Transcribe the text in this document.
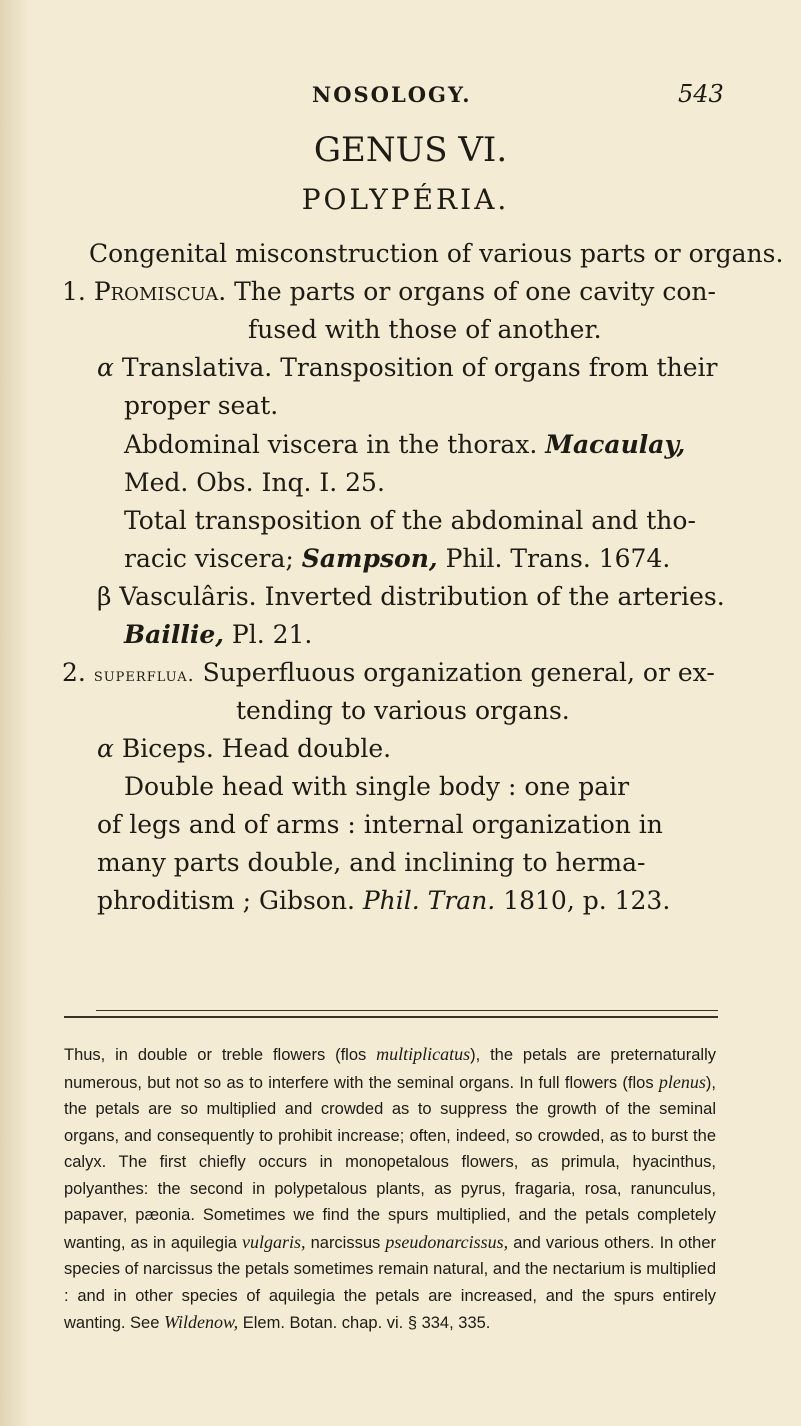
NOSOLOGY.	543
GENUS VI.
POLYPÉRIA.
Congenital misconstruction of various parts or organs.
1. Promiscua. The parts or organs of one cavity con-
fused with those of another.
α Translativa. Transposition of organs from their
proper seat.
Abdominal viscera in the thorax. Macaulay,
Med. Obs. Inq. I. 25.
Total transposition of the abdominal and tho-
racic viscera; Sampson, Phil. Trans. 1674.
β Vasculâris. Inverted distribution of the arteries.
Baillie, Pl. 21.
2. superflua. Superfluous organization general, or ex-
tending to various organs.
α Biceps. Head double.
Double head with single body : one pair
of legs and of arms : internal organization in
many parts double, and inclining to herma-
phroditism ; Gibson. Phil. Tran. 1810, p. 123.
Thus, in double or treble flowers (flos multiplicatus), the petals are preternaturally numerous, but not so as to interfere with the seminal organs. In full flowers (flos plenus), the petals are so multiplied and crowded as to suppress the growth of the seminal organs, and consequently to prohibit increase; often, indeed, so crowded, as to burst the calyx. The first chiefly occurs in monopetalous flowers, as primula, hyacinthus, polyanthes: the second in polypetalous plants, as pyrus, fragaria, rosa, ranunculus, papaver, pæonia. Sometimes we find the spurs multiplied, and the petals completely wanting, as in aquilegia vulgaris, narcissus pseudonarcissus, and various others. In other species of narcissus the petals sometimes remain natural, and the nectarium is multiplied : and in other species of aquilegia the petals are increased, and the spurs entirely wanting. See Wildenow, Elem. Botan. chap. vi. § 334, 335.
